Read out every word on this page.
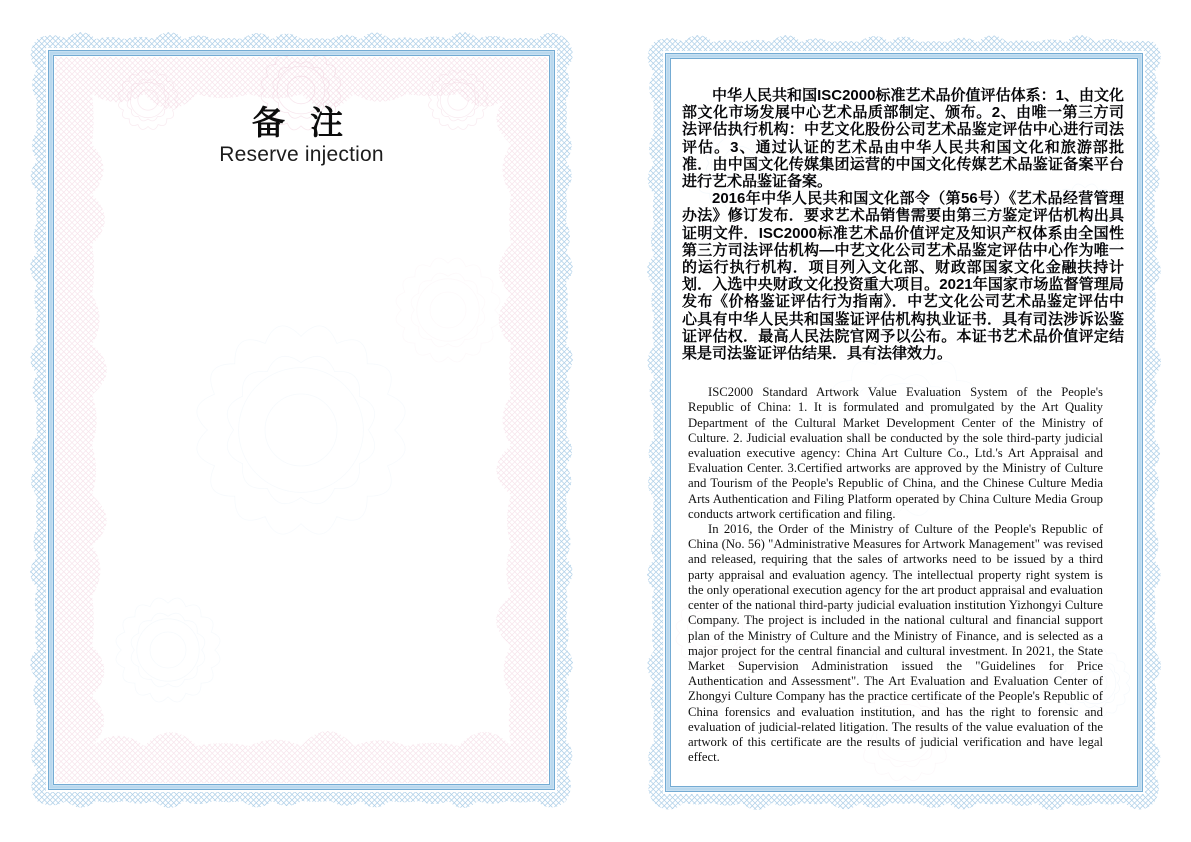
备 注
Reserve injection

中华人民共和国ISC2000标准艺术品价值评估体系：1、由文化部文化市场发展中心艺术品质部制定、颁布。2、由唯一第三方司法评估执行机构：中艺文化股份公司艺术品鉴定评估中心进行司法评估。3、通过认证的艺术品由中华人民共和国文化和旅游部批准．由中国文化传媒集团运营的中国文化传媒艺术品鉴证备案平台进行艺术品鉴证备案。

2016年中华人民共和国文化部令（第56号）《艺术品经营管理办法》修订发布．要求艺术品销售需要由第三方鉴定评估机构出具证明文件．ISC2000标准艺术品价值评定及知识产权体系由全国性第三方司法评估机构—中艺文化公司艺术品鉴定评估中心作为唯一的运行执行机构．项目列入文化部、财政部国家文化金融扶持计划．入选中央财政文化投资重大项目。2021年国家市场监督管理局发布《价格鉴证评估行为指南》．中艺文化公司艺术品鉴定评估中心具有中华人民共和国鉴证评估机构执业证书．具有司法涉诉讼鉴证评估权．最高人民法院官网予以公布。本证书艺术品价值评定结果是司法鉴证评估结果．具有法律效力。

ISC2000 Standard Artwork Value Evaluation System of the People's Republic of China: 1. It is formulated and promulgated by the Art Quality Department of the Cultural Market Development Center of the Ministry of Culture. 2. Judicial evaluation shall be conducted by the sole third-party judicial evaluation executive agency: China Art Culture Co., Ltd.'s Art Appraisal and Evaluation Center. 3.Certified artworks are approved by the Ministry of Culture and Tourism of the People's Republic of China, and the Chinese Culture Media Arts Authentication and Filing Platform operated by China Culture Media Group conducts artwork certification and filing.

In 2016, the Order of the Ministry of Culture of the People's Republic of China (No. 56) "Administrative Measures for Artwork Management" was revised and released, requiring that the sales of artworks need to be issued by a third party appraisal and evaluation agency. The intellectual property right system is the only operational execution agency for the art product appraisal and evaluation center of the national third-party judicial evaluation institution Yizhongyi Culture Company. The project is included in the national cultural and financial support plan of the Ministry of Culture and the Ministry of Finance, and is selected as a major project for the central financial and cultural investment. In 2021, the State Market Supervision Administration issued the "Guidelines for Price Authentication and Assessment". The Art Evaluation and Evaluation Center of Zhongyi Culture Company has the practice certificate of the People's Republic of China forensics and evaluation institution, and has the right to forensic and evaluation of judicial-related litigation. The results of the value evaluation of the artwork of this certificate are the results of judicial verification and have legal effect.
